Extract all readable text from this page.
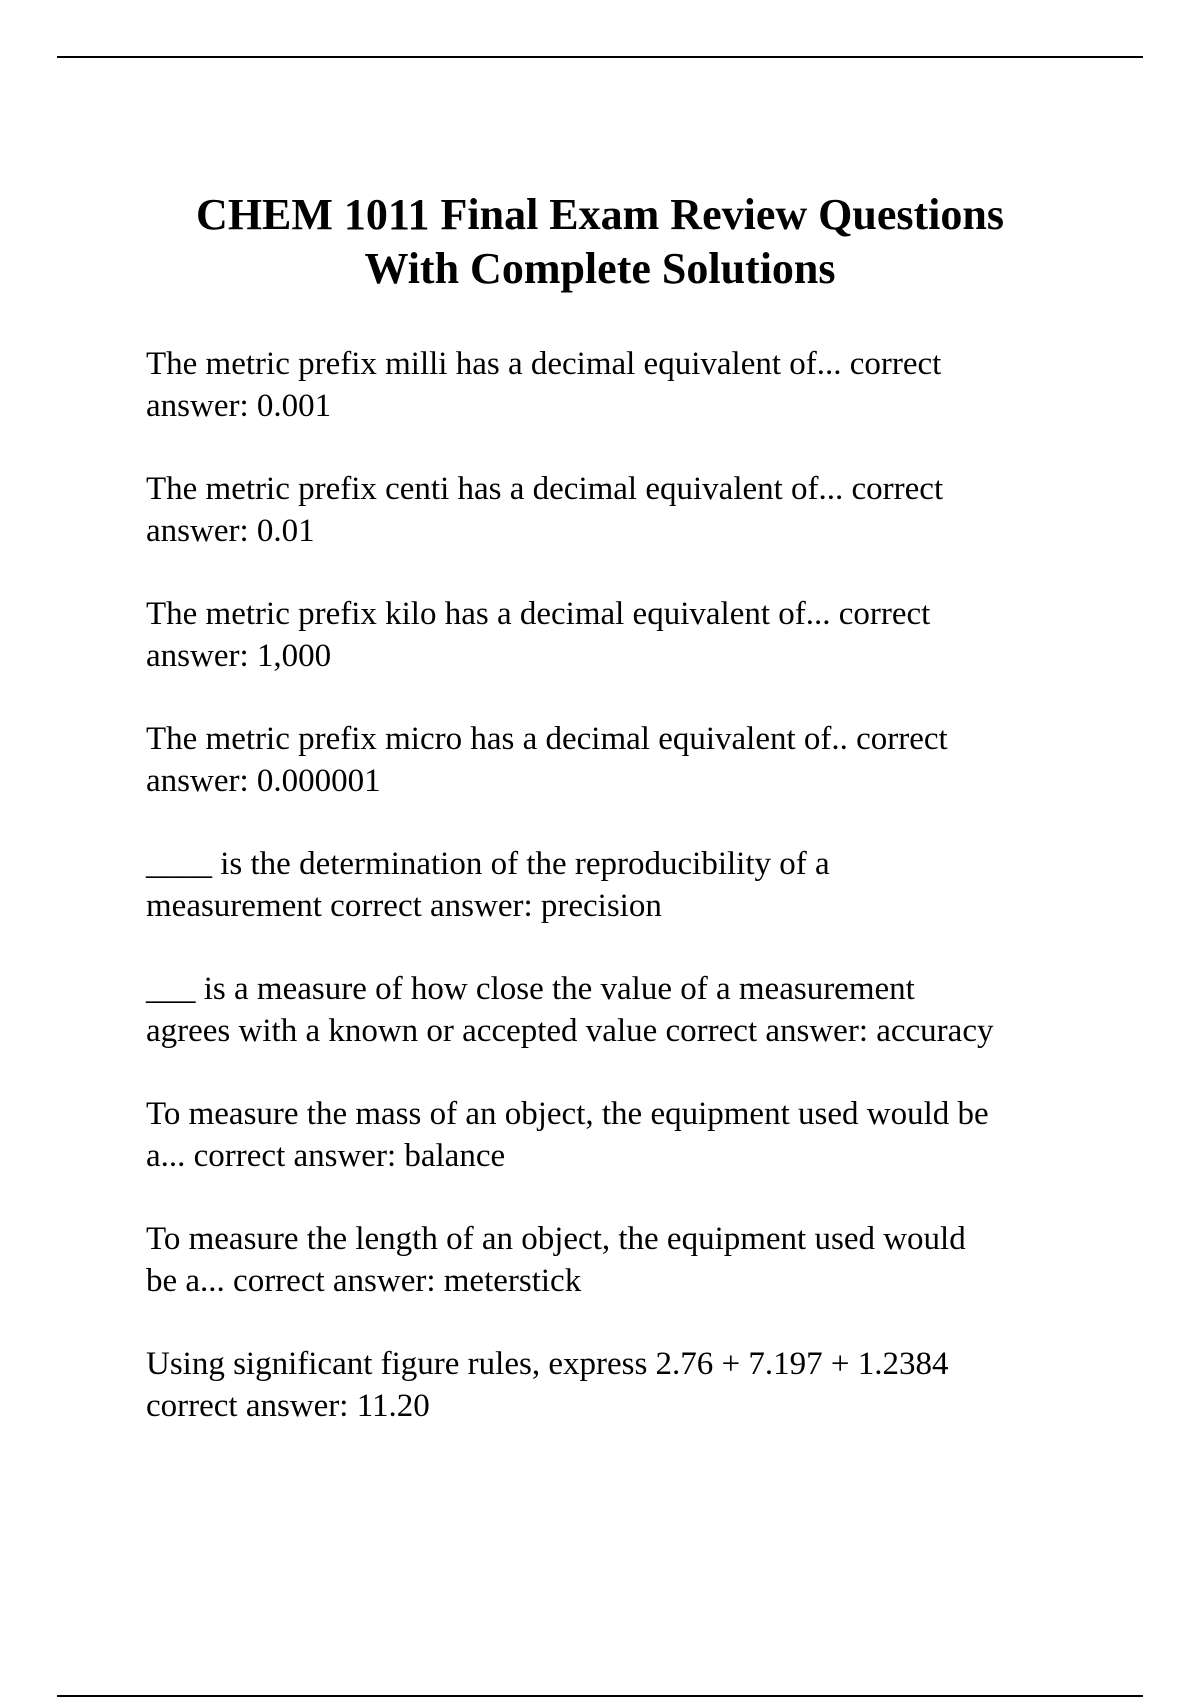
CHEM 1011 Final Exam Review Questions
With Complete Solutions
The metric prefix milli has a decimal equivalent of... correct
answer: 0.001
The metric prefix centi has a decimal equivalent of... correct
answer: 0.01
The metric prefix kilo has a decimal equivalent of... correct
answer: 1,000
The metric prefix micro has a decimal equivalent of.. correct
answer: 0.000001
____ is the determination of the reproducibility of a
measurement correct answer: precision
___ is a measure of how close the value of a measurement
agrees with a known or accepted value correct answer: accuracy
To measure the mass of an object, the equipment used would be
a... correct answer: balance
To measure the length of an object, the equipment used would
be a... correct answer: meterstick
Using significant figure rules, express 2.76 + 7.197 + 1.2384
correct answer: 11.20
